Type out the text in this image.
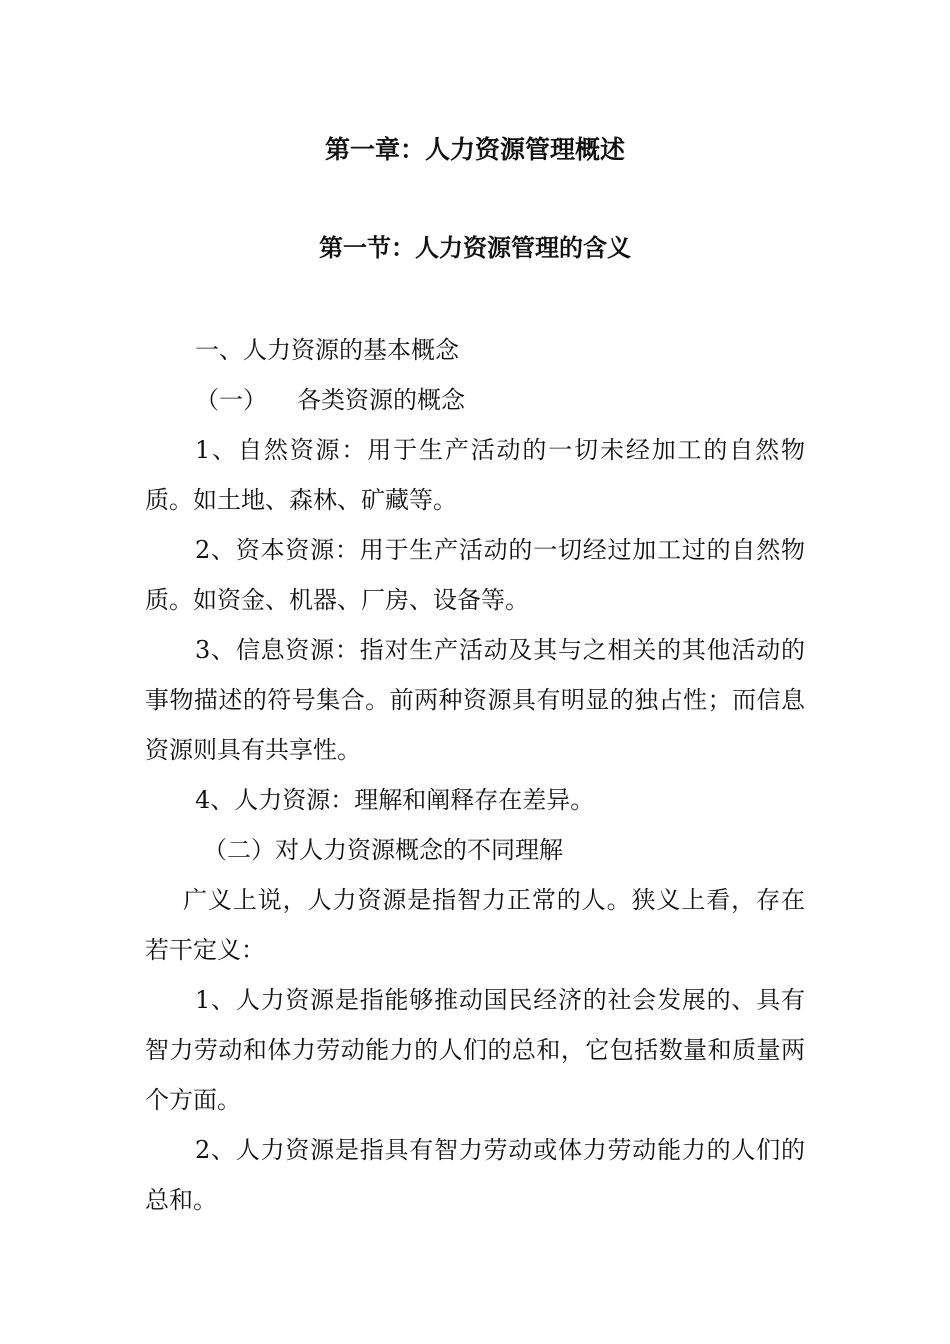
第一章：人力资源管理概述
第一节：人力资源管理的含义

一、人力资源的基本概念

（一） 各类资源的概念

1、自然资源：用于生产活动的一切未经加工的自然物质。如土地、森林、矿藏等。

2、资本资源：用于生产活动的一切经过加工过的自然物质。如资金、机器、厂房、设备等。

3、信息资源：指对生产活动及其与之相关的其他活动的事物描述的符号集合。前两种资源具有明显的独占性；而信息资源则具有共享性。

4、人力资源：理解和阐释存在差异。

（二）对人力资源概念的不同理解

广义上说，人力资源是指智力正常的人。狭义上看，存在若干定义：

1、人力资源是指能够推动国民经济的社会发展的、具有智力劳动和体力劳动能力的人们的总和，它包括数量和质量两个方面。

2、人力资源是指具有智力劳动或体力劳动能力的人们的总和。
